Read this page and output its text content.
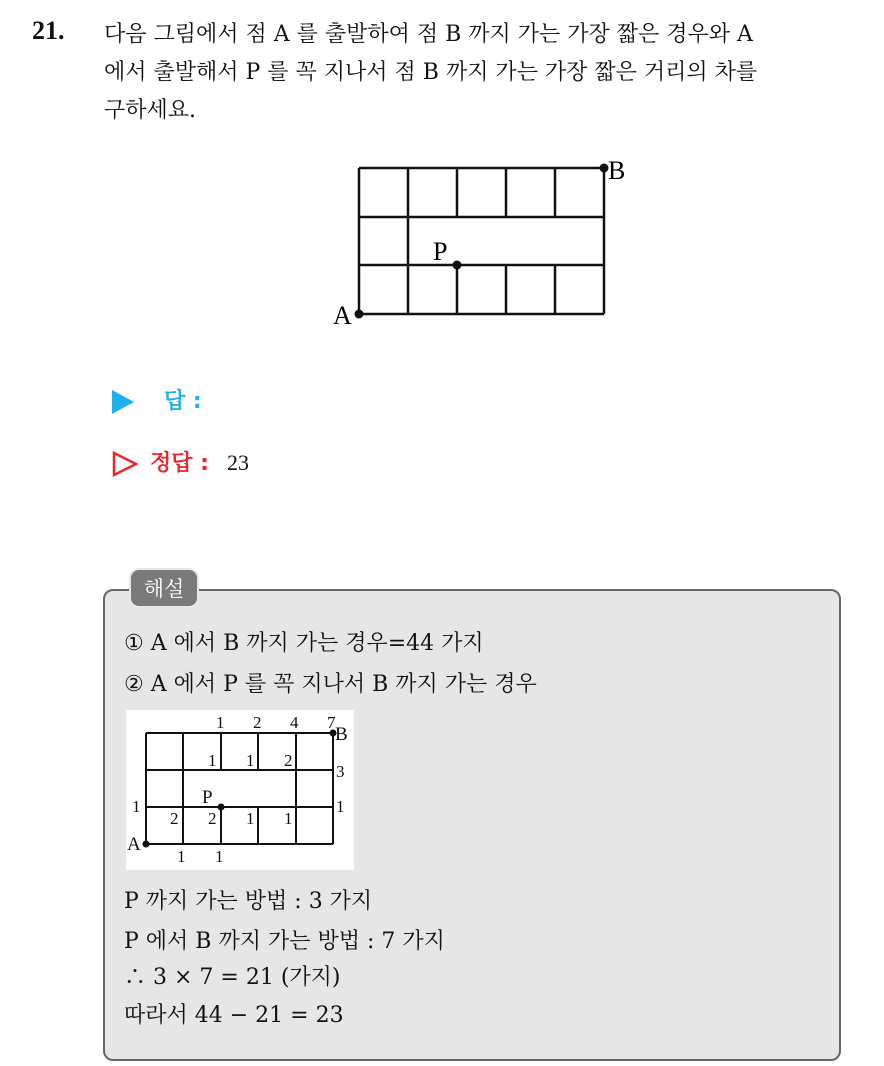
21. 다음 그림에서 점 A 를 출발하여 점 B 까지 가는 가장 짧은 경우와 A
에서 출발해서 P 를 꼭 지나서 점 B 까지 가는 가장 짧은 거리의 차를
구하세요.
A
B
P
답 :
정답 : 23
해설
① A 에서 B 까지 가는 경우=44 가지
② A 에서 P 를 꼭 지나서 B 까지 가는 경우
1 2 4 7
1 1 2
3
1
1
2 2 1 1
1 1
A
B
P
P 까지 가는 방법 : 3 가지
P 에서 B 까지 가는 방법 : 7 가지
∴ 3 × 7 = 21 (가지)
따라서 44 − 21 = 23
